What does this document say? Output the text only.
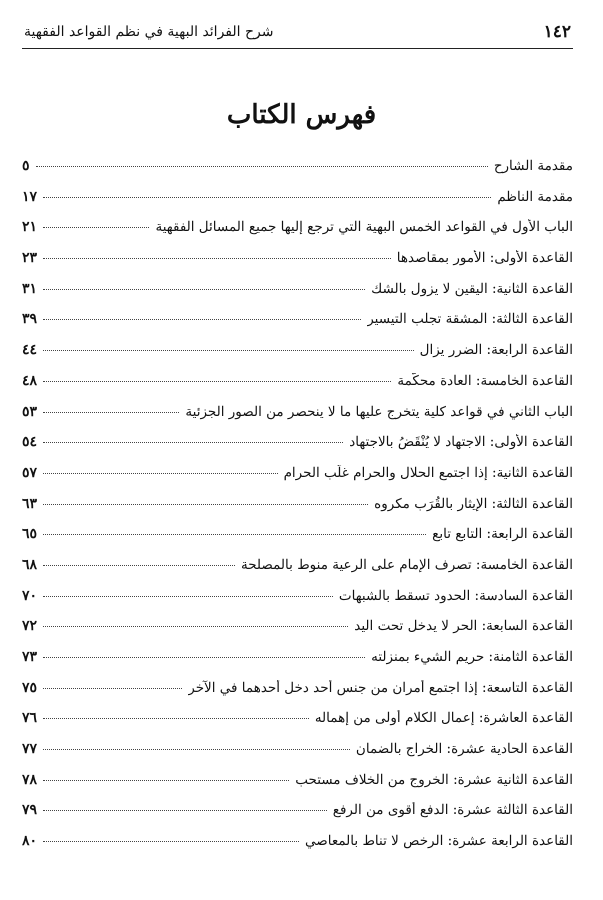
١٤٢
شرح الفرائد البهية في نظم القواعد الفقهية
فهرس الكتاب
مقدمة الشارح
٥
مقدمة الناظم
١٧
الباب الأول في القواعد الخمس البهية التي ترجع إليها جميع المسائل الفقهية
٢١
القاعدة الأولى: الأمور بمقاصدها
٢٣
القاعدة الثانية: اليقين لا يزول بالشك
٣١
القاعدة الثالثة: المشقة تجلب التيسير
٣٩
القاعدة الرابعة: الضرر يزال
٤٤
القاعدة الخامسة: العادة محكّمة
٤٨
الباب الثاني في قواعد كلية يتخرج عليها ما لا ينحصر من الصور الجزئية
٥٣
القاعدة الأولى: الاجتهاد لا يُنْقَضُ بالاجتهاد
٥٤
القاعدة الثانية: إذا اجتمع الحلال والحرام غلّب الحرام
٥٧
القاعدة الثالثة: الإيثار بالقُرَب مكروه
٦٣
القاعدة الرابعة: التابع تابع
٦٥
القاعدة الخامسة: تصرف الإمام على الرعية منوط بالمصلحة
٦٨
القاعدة السادسة: الحدود تسقط بالشبهات
٧٠
القاعدة السابعة: الحر لا يدخل تحت اليد
٧٢
القاعدة الثامنة: حريم الشيء بمنزلته
٧٣
القاعدة التاسعة: إذا اجتمع أمران من جنس أحد دخل أحدهما في الآخر
٧٥
القاعدة العاشرة: إعمال الكلام أولى من إهماله
٧٦
القاعدة الحادية عشرة: الخراج بالضمان
٧٧
القاعدة الثانية عشرة: الخروج من الخلاف مستحب
٧٨
القاعدة الثالثة عشرة: الدفع أقوى من الرفع
٧٩
القاعدة الرابعة عشرة: الرخص لا تناط بالمعاصي
٨٠
